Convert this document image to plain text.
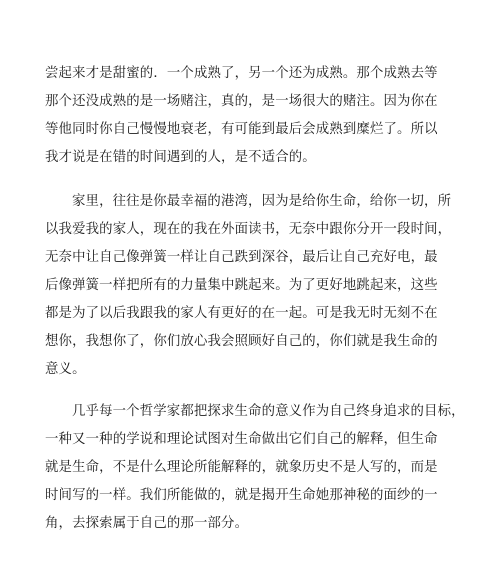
尝起来才是甜蜜的．一个成熟了，另一个还为成熟。那个成熟去等
那个还没成熟的是一场赌注，真的，是一场很大的赌注。因为你在
等他同时你自己慢慢地衰老，有可能到最后会成熟到糜烂了。所以
我才说是在错的时间遇到的人，是不适合的。
家里，往往是你最幸福的港湾，因为是给你生命，给你一切，所
以我爱我的家人，现在的我在外面读书，无奈中跟你分开一段时间，
无奈中让自己像弹簧一样让自己跌到深谷，最后让自己充好电，最
后像弹簧一样把所有的力量集中跳起来。为了更好地跳起来，这些
都是为了以后我跟我的家人有更好的在一起。可是我无时无刻不在
想你，我想你了，你们放心我会照顾好自己的，你们就是我生命的
意义。
几乎每一个哲学家都把探求生命的意义作为自己终身追求的目标，
一种又一种的学说和理论试图对生命做出它们自己的解释，但生命
就是生命，不是什么理论所能解释的，就象历史不是人写的，而是
时间写的一样。我们所能做的，就是揭开生命她那神秘的面纱的一
角，去探索属于自己的那一部分。
